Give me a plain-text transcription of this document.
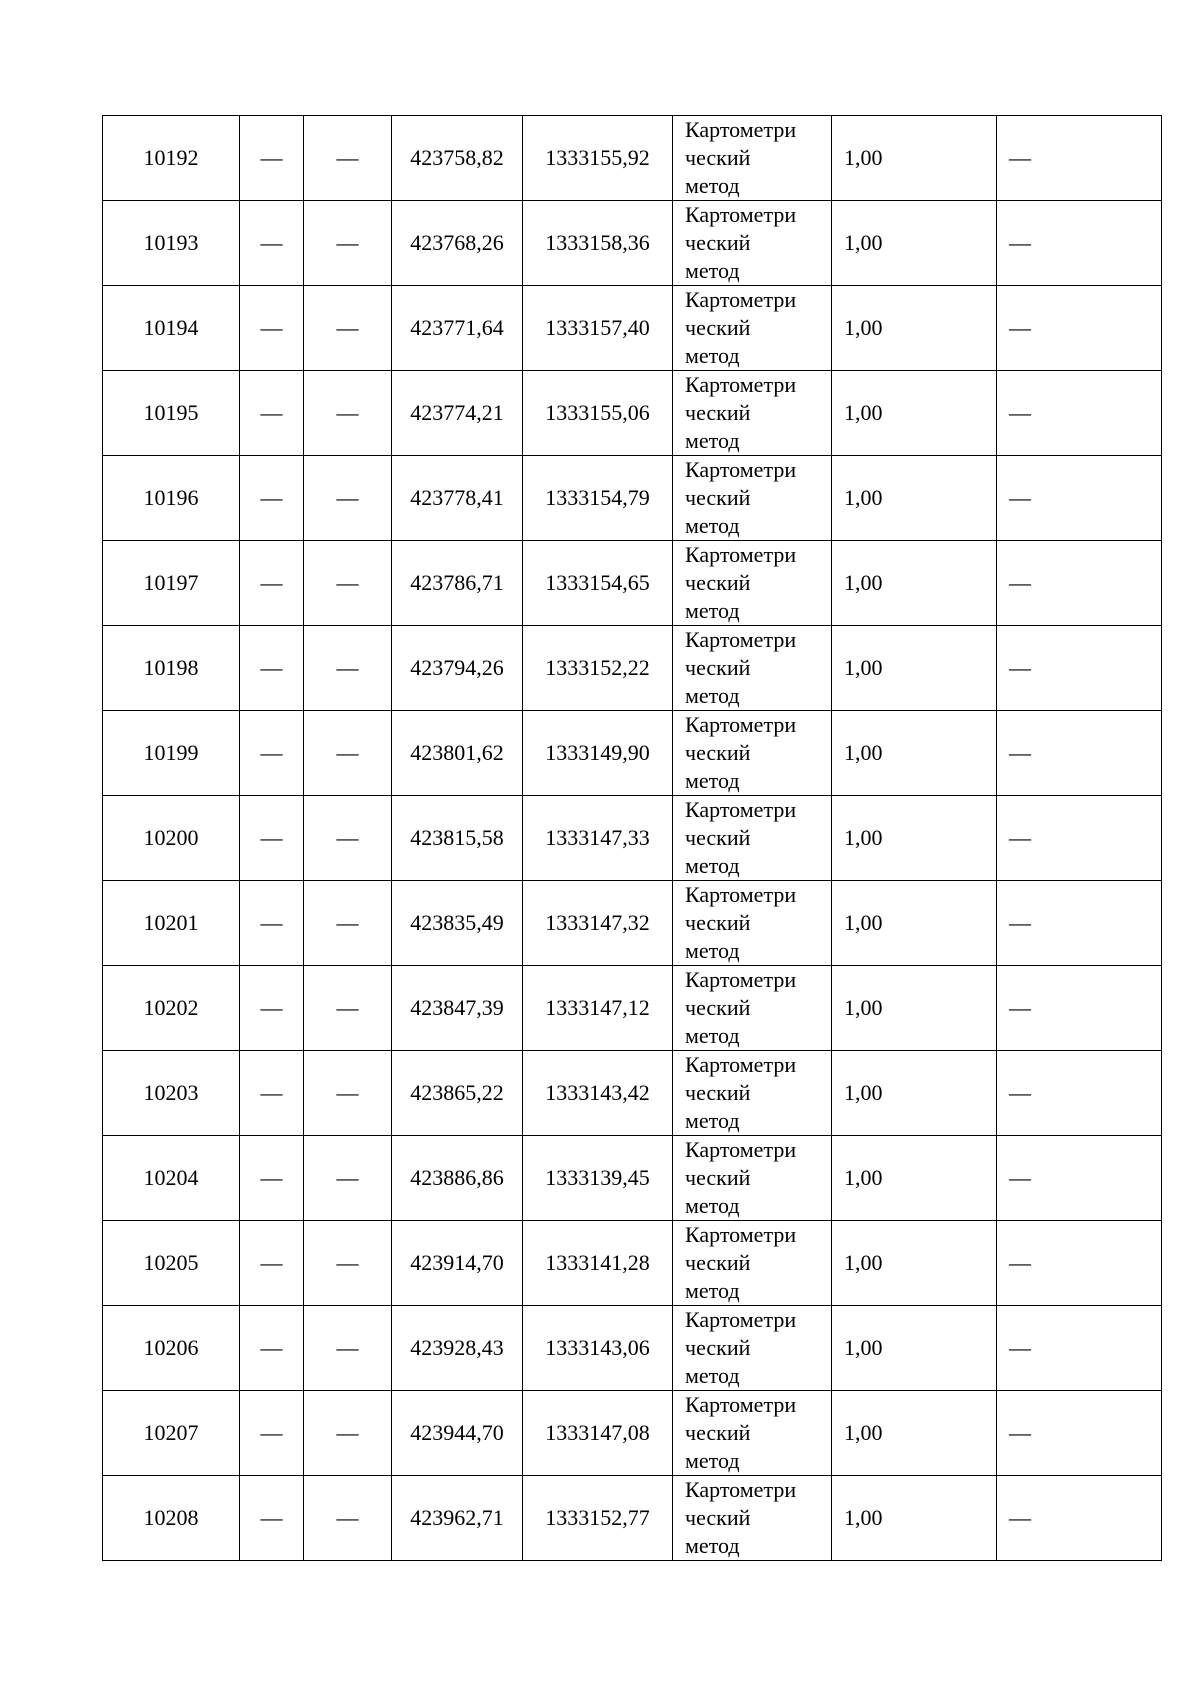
10192	—	—	423758,82	1333155,92	Картометри
ческий
метод	1,00	—
10193	—	—	423768,26	1333158,36	Картометри
ческий
метод	1,00	—
10194	—	—	423771,64	1333157,40	Картометри
ческий
метод	1,00	—
10195	—	—	423774,21	1333155,06	Картометри
ческий
метод	1,00	—
10196	—	—	423778,41	1333154,79	Картометри
ческий
метод	1,00	—
10197	—	—	423786,71	1333154,65	Картометри
ческий
метод	1,00	—
10198	—	—	423794,26	1333152,22	Картометри
ческий
метод	1,00	—
10199	—	—	423801,62	1333149,90	Картометри
ческий
метод	1,00	—
10200	—	—	423815,58	1333147,33	Картометри
ческий
метод	1,00	—
10201	—	—	423835,49	1333147,32	Картометри
ческий
метод	1,00	—
10202	—	—	423847,39	1333147,12	Картометри
ческий
метод	1,00	—
10203	—	—	423865,22	1333143,42	Картометри
ческий
метод	1,00	—
10204	—	—	423886,86	1333139,45	Картометри
ческий
метод	1,00	—
10205	—	—	423914,70	1333141,28	Картометри
ческий
метод	1,00	—
10206	—	—	423928,43	1333143,06	Картометри
ческий
метод	1,00	—
10207	—	—	423944,70	1333147,08	Картометри
ческий
метод	1,00	—
10208	—	—	423962,71	1333152,77	Картометри
ческий
метод	1,00	—
